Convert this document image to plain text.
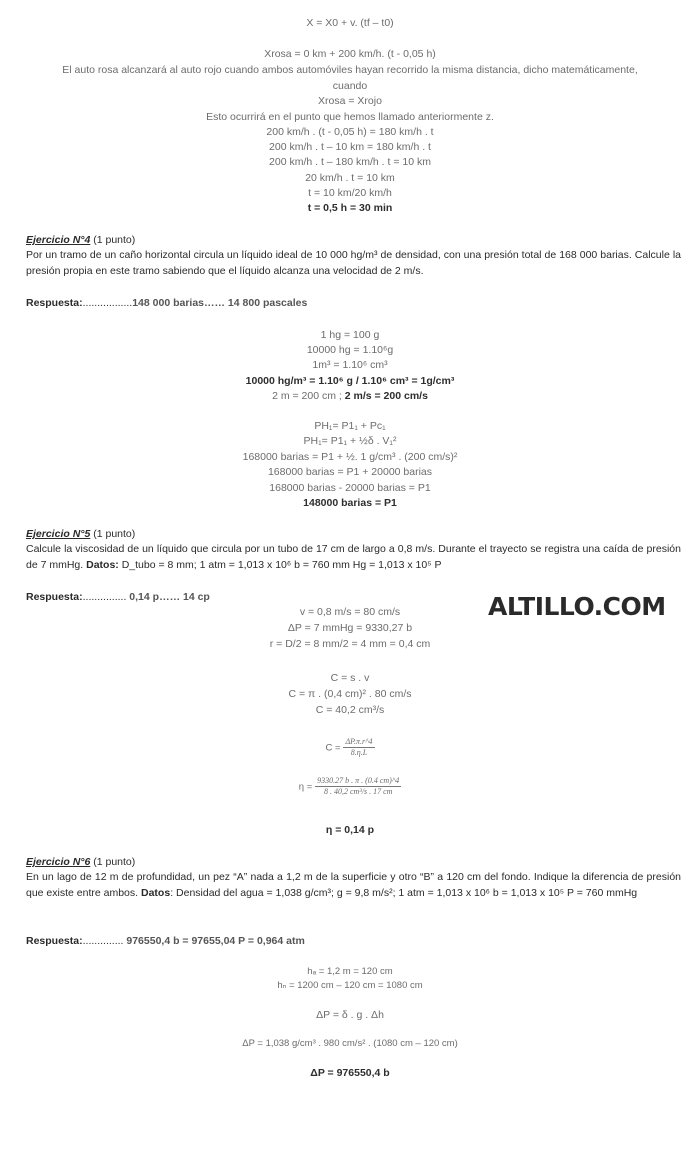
X = X0 + v. (tf – t0)
Xrosa = 0 km + 200 km/h. (t - 0,05 h)
El auto rosa alcanzará al auto rojo cuando ambos automóviles hayan recorrido la misma distancia, dicho matemáticamente,
cuando
Xrosa = Xrojo
Esto ocurrirá en el punto que hemos llamado anteriormente z.
200 km/h . (t - 0,05 h) = 180 km/h . t
200 km/h . t – 10 km = 180 km/h . t
200 km/h . t – 180 km/h . t = 10 km
20 km/h . t = 10 km
t = 10 km/20 km/h
t = 0,5 h = 30 min
Ejercicio N°4 (1 punto)
Por un tramo de un caño horizontal circula un líquido ideal de 10 000 hg/m³ de densidad, con una presión total de 168 000 barias. Calcule la presión propia en este tramo sabiendo que el líquido alcanza una velocidad de 2 m/s.
Respuesta:.................148 000 barias…… 14 800 pascales
1 hg = 100 g
10000 hg = 1.10⁶g
1m³ = 1.10⁶ cm³
10000 hg/m³ = 1.10⁶ g / 1.10⁶ cm³ = 1g/cm³
2 m = 200 cm ; 2 m/s = 200 cm/s
PH₁= P1₁ + Pc₁
PH₁= P1₁ + ½δ . V₁²
168000 barias = P1 + ½. 1 g/cm³ . (200 cm/s)²
168000 barias = P1 + 20000 barias
168000 barias - 20000 barias = P1
148000 barias = P1
Ejercicio N°5 (1 punto)
Calcule la viscosidad de un líquido que circula por un tubo de 17 cm de largo a 0,8 m/s. Durante el trayecto se registra una caída de presión de 7 mmHg. Datos: D_tubo = 8 mm; 1 atm = 1,013 x 10⁶ b = 760 mm Hg = 1,013 x 10⁵ P
Respuesta:............... 0,14 p…… 14 cp	ALTILLO.COM
v = 0,8 m/s = 80 cm/s
ΔP = 7 mmHg = 9330,27 b
r = D/2 = 8 mm/2 = 4 mm = 0,4 cm
C = s . v
C = π . (0,4 cm)² . 80 cm/s
C = 40,2 cm³/s
$C = \frac{\Delta P.\pi.r\^{}4}{8.\eta.L}$
$\eta = \frac{9330.27 b . \pi . (0.4 cm)\^{}4}{\text{8 . 40,2 cm³/s . 17 cm}}$
η = 0,14 p
Ejercicio N°6 (1 punto)
En un lago de 12 m de profundidad, un pez “A” nada a 1,2 m de la superficie y otro “B” a 120 cm del fondo. Indique la diferencia de presión que existe entre ambos. Datos: Densidad del agua = 1,038 g/cm³; g = 9,8 m/s²; 1 atm = 1,013 x 10⁶ b = 1,013 x 10⁵ P = 760 mmHg
Respuesta:.............. 976550,4 b = 97655,04 P = 0,964 atm
hₐ = 1,2 m = 120 cm
hₙ = 1200 cm – 120 cm = 1080 cm
ΔP = δ . g . Δh
ΔP = 1,038 g/cm³ . 980 cm/s² . (1080 cm – 120 cm)
ΔP = 976550,4 b
